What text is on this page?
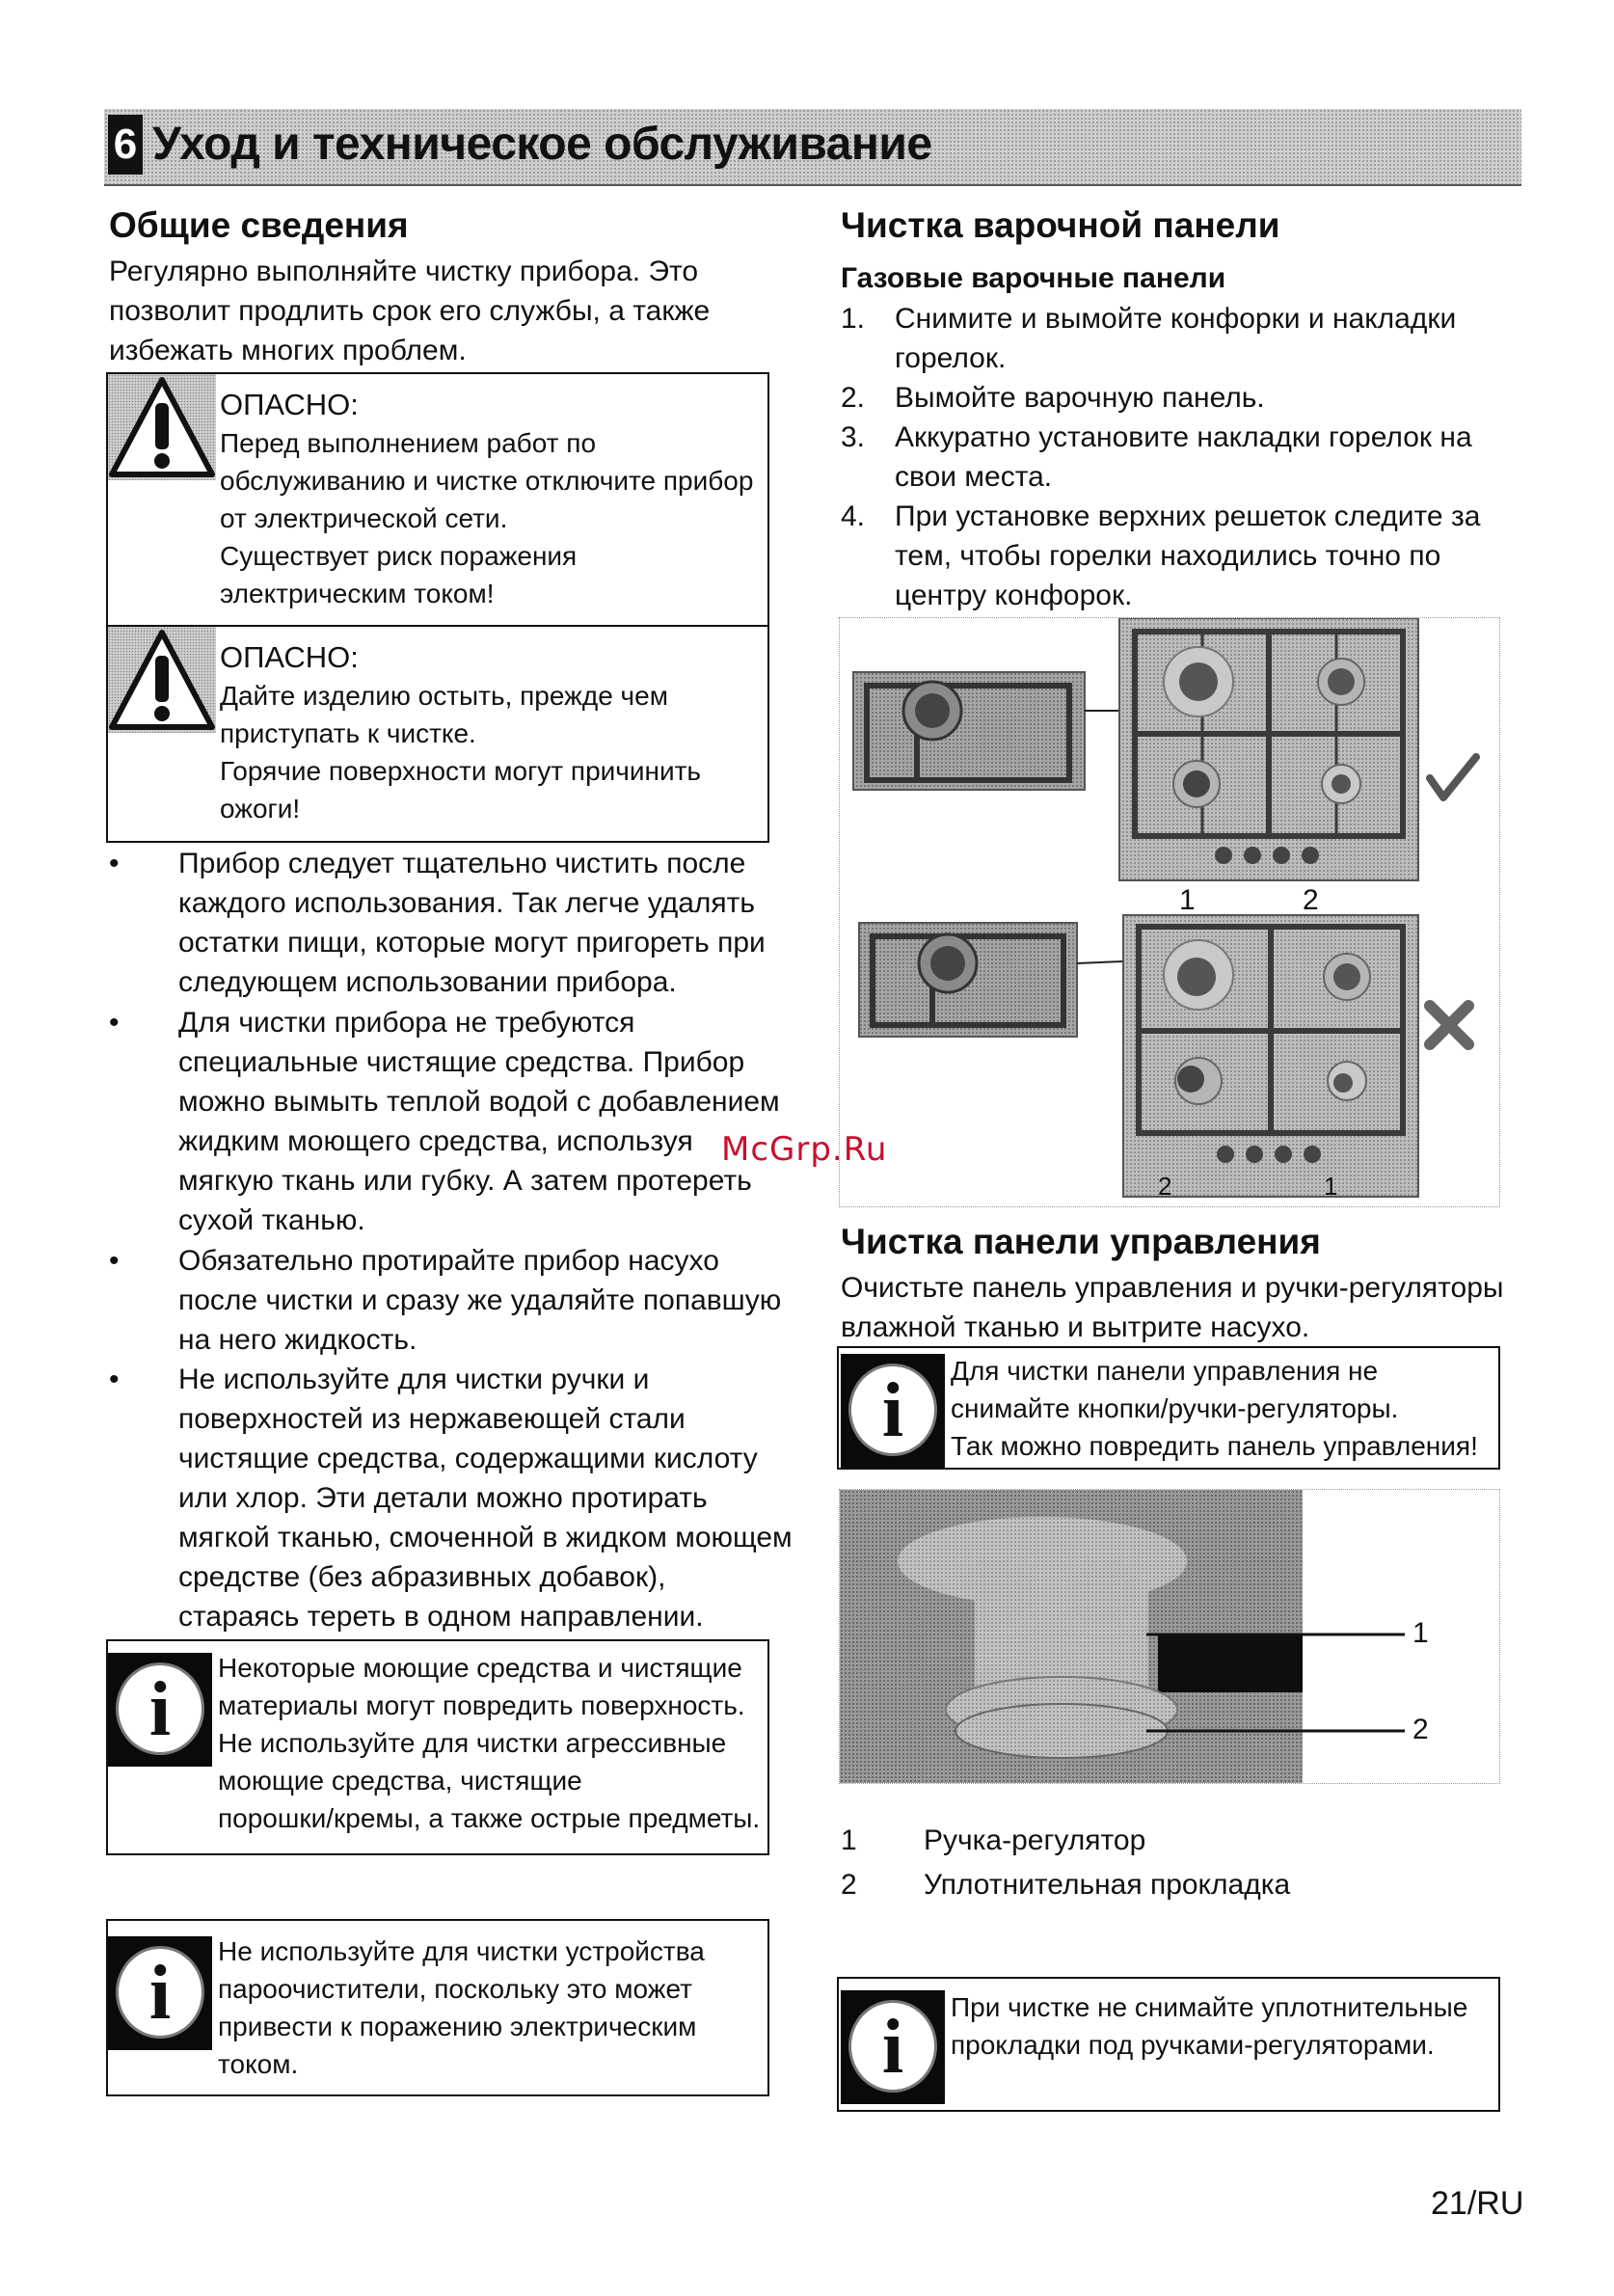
6 Уход и техническое обслуживание
Общие сведения
Регулярно выполняйте чистку прибора. Это
позволит продлить срок его службы, а также
избежать многих проблем.
ОПАСНО:
Перед выполнением работ по
обслуживанию и чистке отключите прибор
от электрической сети.
Существует риск поражения
электрическим током!
ОПАСНО:
Дайте изделию остыть, прежде чем
приступать к чистке.
Горячие поверхности могут причинить
ожоги!
• Прибор следует тщательно чистить после
каждого использования. Так легче удалять
остатки пищи, которые могут пригореть при
следующем использовании прибора.
• Для чистки прибора не требуются
специальные чистящие средства. Прибор
можно вымыть теплой водой с добавлением
жидким моющего средства, используя
мягкую ткань или губку. А затем протереть
сухой тканью.
• Обязательно протирайте прибор насухо
после чистки и сразу же удаляйте попавшую
на него жидкость.
• Не используйте для чистки ручки и
поверхностей из нержавеющей стали
чистящие средства, содержащими кислоту
или хлор. Эти детали можно протирать
мягкой тканью, смоченной в жидком моющем
средстве (без абразивных добавок),
стараясь тереть в одном направлении.
i	Некоторые моющие средства и чистящие
материалы могут повредить поверхность.
Не используйте для чистки агрессивные
моющие средства, чистящие
порошки/кремы, а также острые предметы.
i	Не используйте для чистки устройства
пароочистители, поскольку это может
привести к поражению электрическим
током.
Чистка варочной панели
Газовые варочные панели
1. Снимите и вымойте конфорки и накладки
горелок.
2. Вымойте варочную панель.
3. Аккуратно установите накладки горелок на
свои места.
4. При установке верхних решеток следите за
тем, чтобы горелки находились точно по
центру конфорок.
1	2
2	1
McGrp.Ru
Чистка панели управления
Очистьте панель управления и ручки-регуляторы
влажной тканью и вытрите насухо.
i	Для чистки панели управления не
снимайте кнопки/ручки-регуляторы.
Так можно повредить панель управления!
1
2
1 Ручка-регулятор
2 Уплотнительная прокладка
i	При чистке не снимайте уплотнительные
прокладки под ручками-регуляторами.
21/RU
